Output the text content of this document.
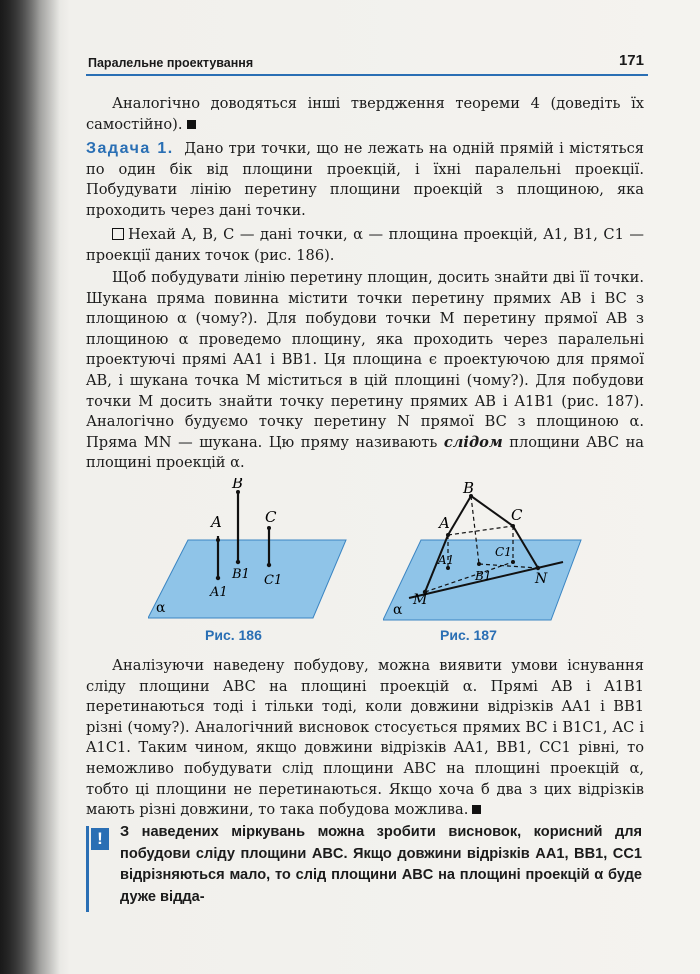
Паралельне проектування	171

Аналогічно доводяться інші твердження теореми 4 (доведіть їх самостійно).

Задача 1. Дано три точки, що не лежать на одній прямій і містяться по один бік від площини проекцій, і їхні паралельні проекції. Побудувати лінію перетину площини проекцій з площиною, яка проходить через дані точки.

Нехай A, B, C — дані точки, α — площина проекцій, A1, B1, C1 — проекції даних точок (рис. 186).

Щоб побудувати лінію перетину площин, досить знайти дві її точки. Шукана пряма повинна містити точки перетину прямих AB і BC з площиною α (чому?). Для побудови точки M перетину прямої AB з площиною α проведемо площину, яка проходить через паралельні проектуючі прямі AA1 і BB1. Ця площина є проектуючою для прямої AB, і шукана точка M міститься в цій площині (чому?). Для побудови точки M досить знайти точку перетину прямих AB і A1B1 (рис. 187). Аналогічно будуємо точку перетину N прямої BC з площиною α. Пряма MN — шукана. Цю пряму називають слідом площини ABC на площині проекцій α.

A
B
C
A1
B1 C1
α
Рис. 186
A
B
C
A1
B1
C1
M
N
α
Рис. 187

Аналізуючи наведену побудову, можна виявити умови існування сліду площини ABC на площині проекцій α. Прямі AB і A1B1 перетинаються тоді і тільки тоді, коли довжини відрізків AA1 і BB1 різні (чому?). Аналогічний висновок стосується прямих BC і B1C1, AC і A1C1. Таким чином, якщо довжини відрізків AA1, BB1, CC1 рівні, то неможливо побудувати слід площини ABC на площині проекцій α, тобто ці площини не перетинаються. Якщо хоча б два з цих відрізків мають різні довжини, то така побудова можлива.

!	З наведених міркувань можна зробити висновок, корисний для побудови сліду площини ABC. Якщо довжини відрізків AA1, BB1, CC1 відрізняються мало, то слід площини ABC на площині проекцій α буде дуже віддa-
